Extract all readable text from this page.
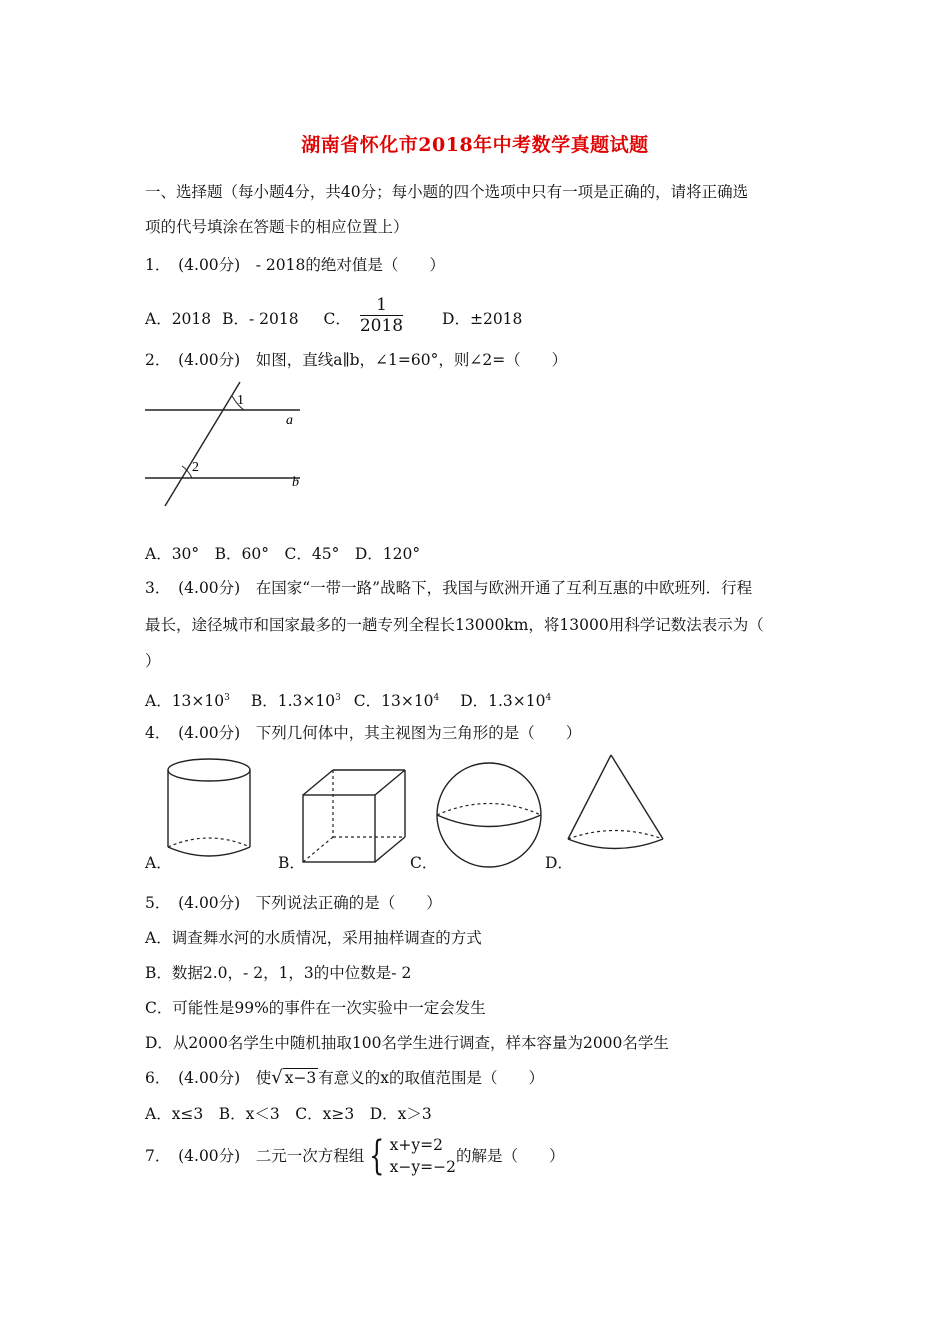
湖南省怀化市2018年中考数学真题试题
一、选择题（每小题4分，共40分；每小题的四个选项中只有一项是正确的，请将正确选
项的代号填涂在答题卡的相应位置上）
1．　(4.00分)　- 2018的绝对值是（　　）
A．2018 B．- 2018 C． $\frac{1}{2018}$	D．±2018
2．　(4.00分)　如图，直线a∥b，∠1=60°，则∠2=（　　）
1
2
a
b
A．30°　B．60°　C．45°　D．120°
3．　(4.00分)　在国家“一带一路”战略下，我国与欧洲开通了互利互惠的中欧班列．行程
最长，途径城市和国家最多的一趟专列全程长13000km，将13000用科学记数法表示为（
）
A．$13\times 10^3$ B．$1.3\times 10^3$ C．$13\times 10^4$ D．$1.3\times 10^4$
4．　(4.00分)　下列几何体中，其主视图为三角形的是（　　）
A．	B．	C．	D．
5．　(4.00分)　下列说法正确的是（　　）
A．调查舞水河的水质情况，采用抽样调查的方式
B．数据2.0，- 2，1，3的中位数是- 2
C．可能性是99%的事件在一次实验中一定会发生
D．从2000名学生中随机抽取100名学生进行调查，样本容量为2000名学生
6．　(4.00分)　使√ x−3 有意义的x的取值范围是（　　）
A．x≤3　B．x＜3　C．x≥3　D．x＞3
7．　(4.00分)　二元一次方程组 { x+y=2
x−y=−2
的解是（　　）
